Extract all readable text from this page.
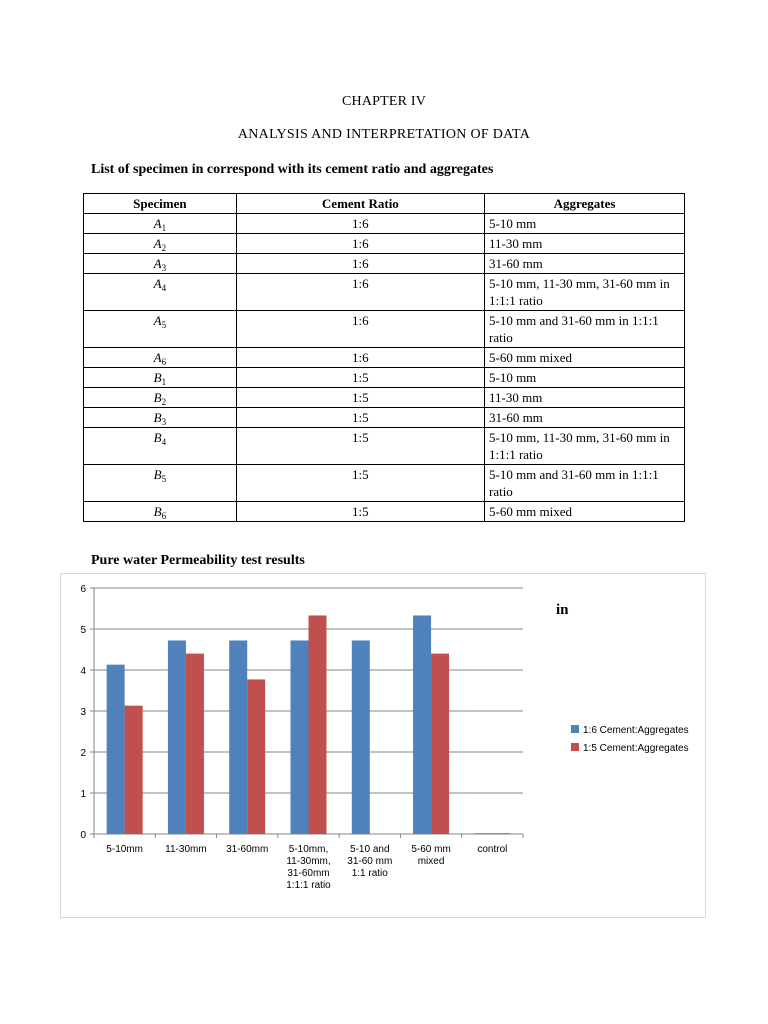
CHAPTER IV
ANALYSIS AND INTERPRETATION OF DATA
List of specimen in correspond with its cement ratio and aggregates
Specimen	Cement Ratio	Aggregates
$A_1$	1:6	5-10 mm
$A_2$	1:6	11-30 mm
$A_3$	1:6	31-60 mm
$A_4$	1:6	5-10 mm, 11-30 mm, 31-60 mm in 1:1:1 ratio
$A_5$	1:6	5-10 mm and 31-60 mm in 1:1:1 ratio
$A_6$	1:6	5-60 mm mixed
$B_1$	1:5	5-10 mm
$B_2$	1:5	11-30 mm
$B_3$	1:5	31-60 mm
$B_4$	1:5	5-10 mm, 11-30 mm, 31-60 mm in 1:1:1 ratio
$B_5$	1:5	5-10 mm and 31-60 mm in 1:1:1 ratio
$B_6$	1:5	5-60 mm mixed
Pure water Permeability test results
in
0
1
2
3
4
5
6
5-10mm 11-30mm 31-60mm 5-10mm,
11-30mm,
31-60mm
1:1:1 ratio
5-10 and
31-60 mm
1:1 ratio
5-60 mm
mixed
control
1:6 Cement:Aggregates
1:5 Cement:Aggregates
